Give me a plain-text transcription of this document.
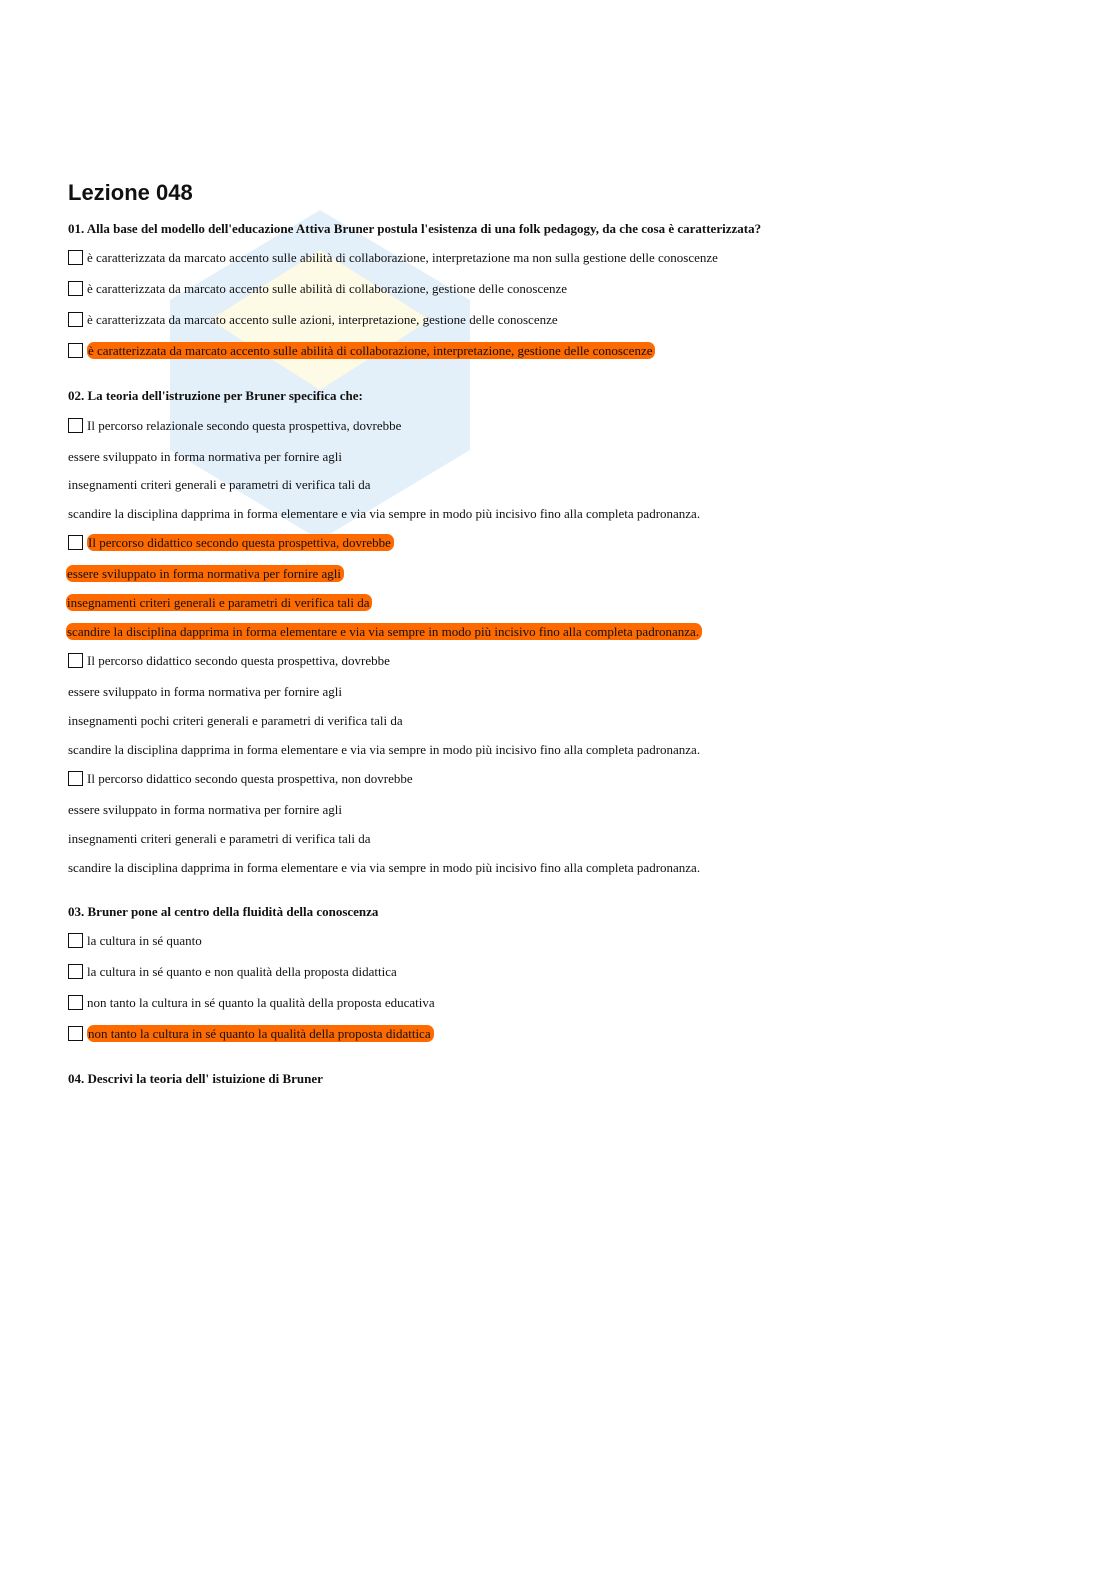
Lezione 048
01. Alla base del modello dell'educazione Attiva Bruner postula l'esistenza di una folk pedagogy, da che cosa è caratterizzata?
è caratterizzata da marcato accento sulle abilità di collaborazione, interpretazione ma non sulla gestione delle conoscenze
è caratterizzata da marcato accento sulle abilità di collaborazione, gestione delle conoscenze
è caratterizzata da marcato accento sulle azioni, interpretazione, gestione delle conoscenze
è caratterizzata da marcato accento sulle abilità di collaborazione, interpretazione, gestione delle conoscenze
02. La teoria dell'istruzione per Bruner specifica che:
Il percorso relazionale secondo questa prospettiva, dovrebbe
essere sviluppato in forma normativa per fornire agli
insegnamenti criteri generali e parametri di verifica tali da
scandire la disciplina dapprima in forma elementare e via via sempre in modo più incisivo fino alla completa padronanza.
Il percorso didattico secondo questa prospettiva, dovrebbe
essere sviluppato in forma normativa per fornire agli
insegnamenti criteri generali e parametri di verifica tali da
scandire la disciplina dapprima in forma elementare e via via sempre in modo più incisivo fino alla completa padronanza.
Il percorso didattico secondo questa prospettiva, dovrebbe
essere sviluppato in forma normativa per fornire agli
insegnamenti pochi criteri generali e parametri di verifica tali da
scandire la disciplina dapprima in forma elementare e via via sempre in modo più incisivo fino alla completa padronanza.
Il percorso didattico secondo questa prospettiva, non dovrebbe
essere sviluppato in forma normativa per fornire agli
insegnamenti criteri generali e parametri di verifica tali da
scandire la disciplina dapprima in forma elementare e via via sempre in modo più incisivo fino alla completa padronanza.
03. Bruner pone al centro della fluidità della conoscenza
la cultura in sé quanto
la cultura in sé quanto e non qualità della proposta didattica
non tanto la cultura in sé quanto la qualità della proposta educativa
non tanto la cultura in sé quanto la qualità della proposta didattica
04. Descrivi la teoria dell' istuizione di Bruner
